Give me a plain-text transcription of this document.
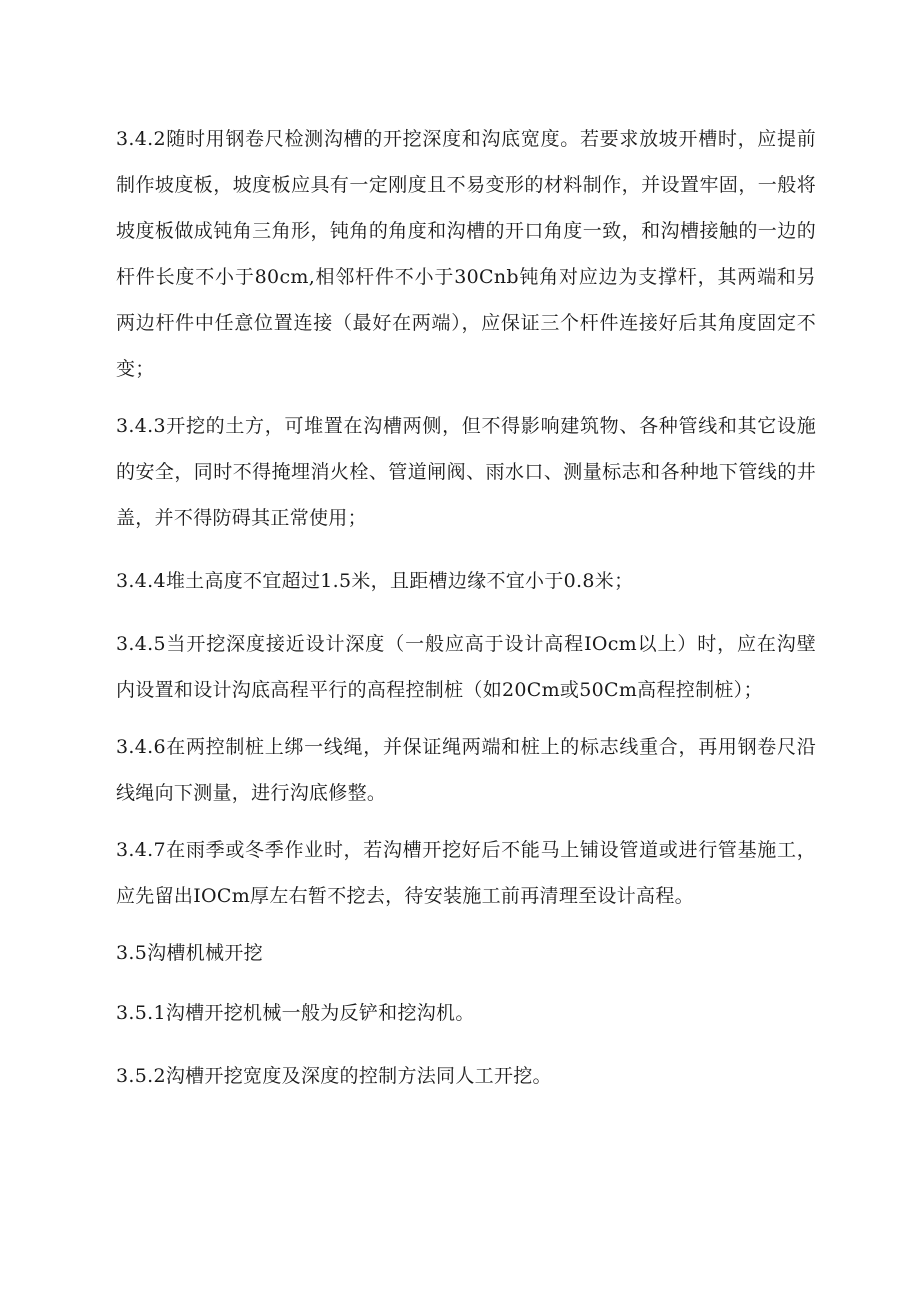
3.4.2随时用钢卷尺检测沟槽的开挖深度和沟底宽度。若要求放坡开槽时，应提前制作坡度板，坡度板应具有一定刚度且不易变形的材料制作，并设置牢固，一般将坡度板做成钝角三角形，钝角的角度和沟槽的开口角度一致，和沟槽接触的一边的杆件长度不小于80cm,相邻杆件不小于30Cnb钝角对应边为支撑杆，其两端和另两边杆件中任意位置连接（最好在两端），应保证三个杆件连接好后其角度固定不变；

3.4.3开挖的土方，可堆置在沟槽两侧，但不得影响建筑物、各种管线和其它设施的安全，同时不得掩埋消火栓、管道闸阀、雨水口、测量标志和各种地下管线的井盖，并不得防碍其正常使用；

3.4.4堆土高度不宜超过1.5米，且距槽边缘不宜小于0.8米；

3.4.5当开挖深度接近设计深度（一般应高于设计高程IOcm以上）时，应在沟壁内设置和设计沟底高程平行的高程控制桩（如20Cm或50Cm高程控制桩）；

3.4.6在两控制桩上绑一线绳，并保证绳两端和桩上的标志线重合，再用钢卷尺沿线绳向下测量，进行沟底修整。

3.4.7在雨季或冬季作业时，若沟槽开挖好后不能马上铺设管道或进行管基施工，应先留出IOCm厚左右暂不挖去，待安装施工前再清理至设计高程。

3.5沟槽机械开挖

3.5.1沟槽开挖机械一般为反铲和挖沟机。

3.5.2沟槽开挖宽度及深度的控制方法同人工开挖。
